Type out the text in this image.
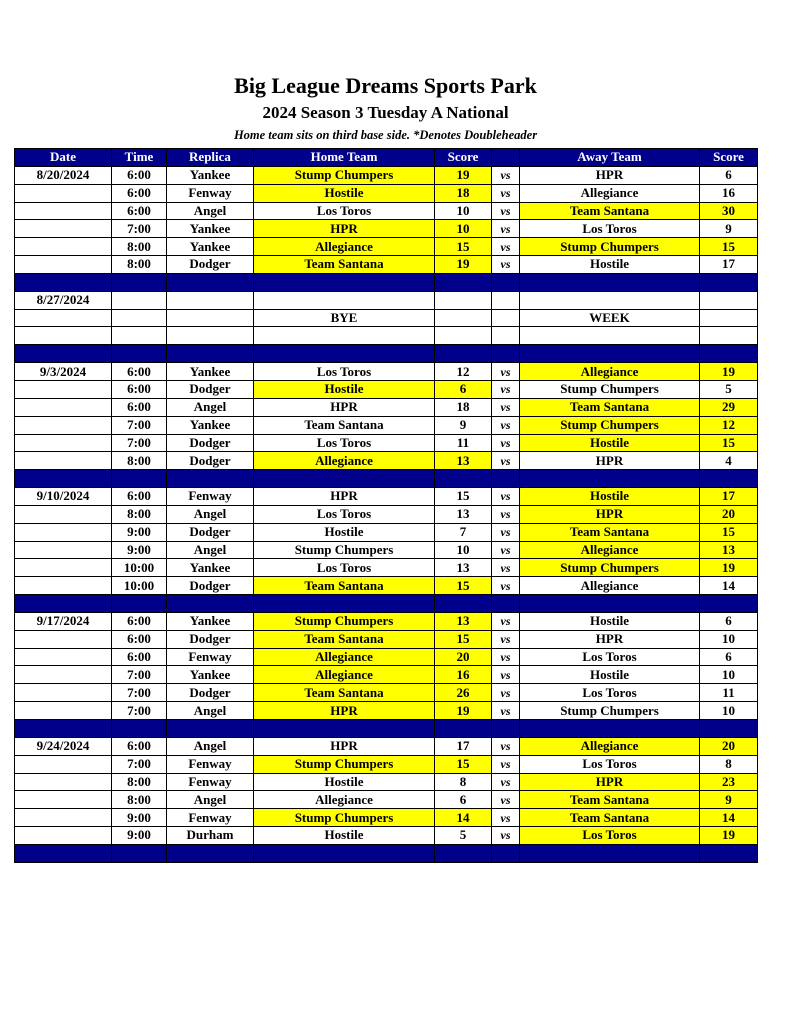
Big League Dreams Sports Park
2024 Season 3 Tuesday A National
Home team sits on third base side. *Denotes Doubleheader
Date	Time	Replica	Home Team	Score		Away Team	Score
8/20/2024	6:00	Yankee	Stump Chumpers	19	vs	HPR	6
	6:00	Fenway	Hostile	18	vs	Allegiance	16
	6:00	Angel	Los Toros	10	vs	Team Santana	30
	7:00	Yankee	HPR	10	vs	Los Toros	9
	8:00	Yankee	Allegiance	15	vs	Stump Chumpers	15
	8:00	Dodger	Team Santana	19	vs	Hostile	17

8/27/2024							
			BYE			WEEK	

9/3/2024	6:00	Yankee	Los Toros	12	vs	Allegiance	19
	6:00	Dodger	Hostile	6	vs	Stump Chumpers	5
	6:00	Angel	HPR	18	vs	Team Santana	29
	7:00	Yankee	Team Santana	9	vs	Stump Chumpers	12
	7:00	Dodger	Los Toros	11	vs	Hostile	15
	8:00	Dodger	Allegiance	13	vs	HPR	4

9/10/2024	6:00	Fenway	HPR	15	vs	Hostile	17
	8:00	Angel	Los Toros	13	vs	HPR	20
	9:00	Dodger	Hostile	7	vs	Team Santana	15
	9:00	Angel	Stump Chumpers	10	vs	Allegiance	13
	10:00	Yankee	Los Toros	13	vs	Stump Chumpers	19
	10:00	Dodger	Team Santana	15	vs	Allegiance	14

9/17/2024	6:00	Yankee	Stump Chumpers	13	vs	Hostile	6
	6:00	Dodger	Team Santana	15	vs	HPR	10
	6:00	Fenway	Allegiance	20	vs	Los Toros	6
	7:00	Yankee	Allegiance	16	vs	Hostile	10
	7:00	Dodger	Team Santana	26	vs	Los Toros	11
	7:00	Angel	HPR	19	vs	Stump Chumpers	10

9/24/2024	6:00	Angel	HPR	17	vs	Allegiance	20
	7:00	Fenway	Stump Chumpers	15	vs	Los Toros	8
	8:00	Fenway	Hostile	8	vs	HPR	23
	8:00	Angel	Allegiance	6	vs	Team Santana	9
	9:00	Fenway	Stump Chumpers	14	vs	Team Santana	14
	9:00	Durham	Hostile	5	vs	Los Toros	19
